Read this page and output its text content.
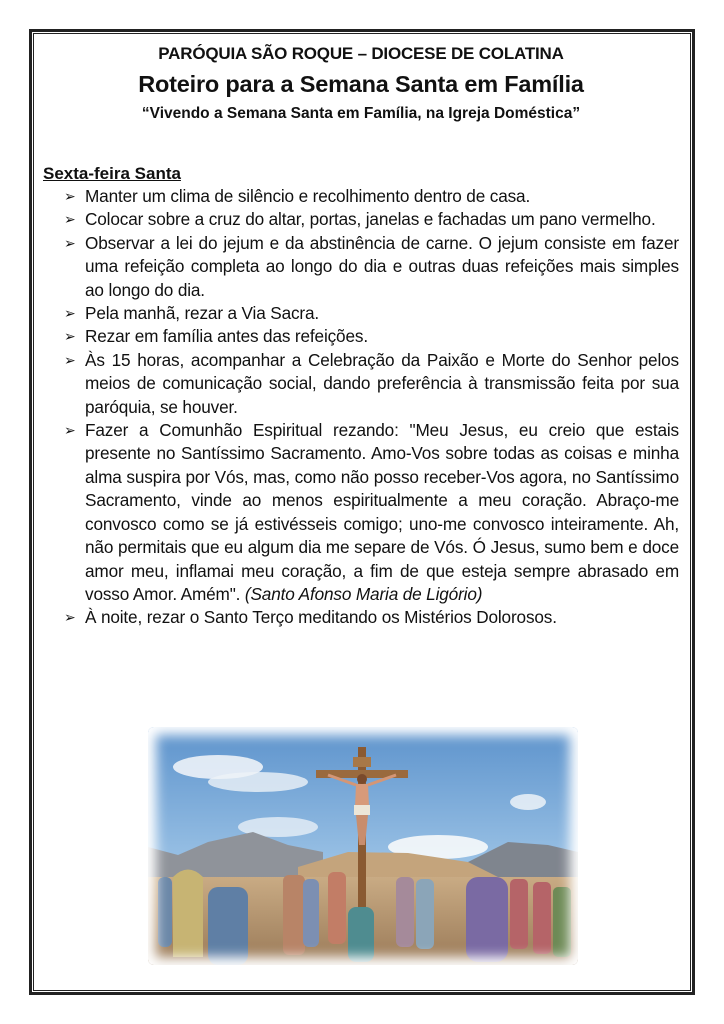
PARÓQUIA SÃO ROQUE – DIOCESE DE COLATINA

Roteiro para a Semana Santa em Família

“Vivendo a Semana Santa em Família, na Igreja Doméstica”

Sexta-feira Santa
➢ Manter um clima de silêncio e recolhimento dentro de casa.
➢ Colocar sobre a cruz do altar, portas, janelas e fachadas um pano vermelho.
➢ Observar a lei do jejum e da abstinência de carne. O jejum consiste em fazer uma refeição completa ao longo do dia e outras duas refeições mais simples ao longo do dia.
➢ Pela manhã, rezar a Via Sacra.
➢ Rezar em família antes das refeições.
➢ Às 15 horas, acompanhar a Celebração da Paixão e Morte do Senhor pelos meios de comunicação social, dando preferência à transmissão feita por sua paróquia, se houver.
➢ Fazer a Comunhão Espiritual rezando: "Meu Jesus, eu creio que estais presente no Santíssimo Sacramento. Amo-Vos sobre todas as coisas e minha alma suspira por Vós, mas, como não posso receber-Vos agora, no Santíssimo Sacramento, vinde ao menos espiritualmente a meu coração. Abraço-me convosco como se já estivésseis comigo; uno-me convosco inteiramente. Ah, não permitais que eu algum dia me separe de Vós. Ó Jesus, sumo bem e doce amor meu, inflamai meu coração, a fim de que esteja sempre abrasado em vosso Amor. Amém". (Santo Afonso Maria de Ligório)
➢ À noite, rezar o Santo Terço meditando os Mistérios Dolorosos.
